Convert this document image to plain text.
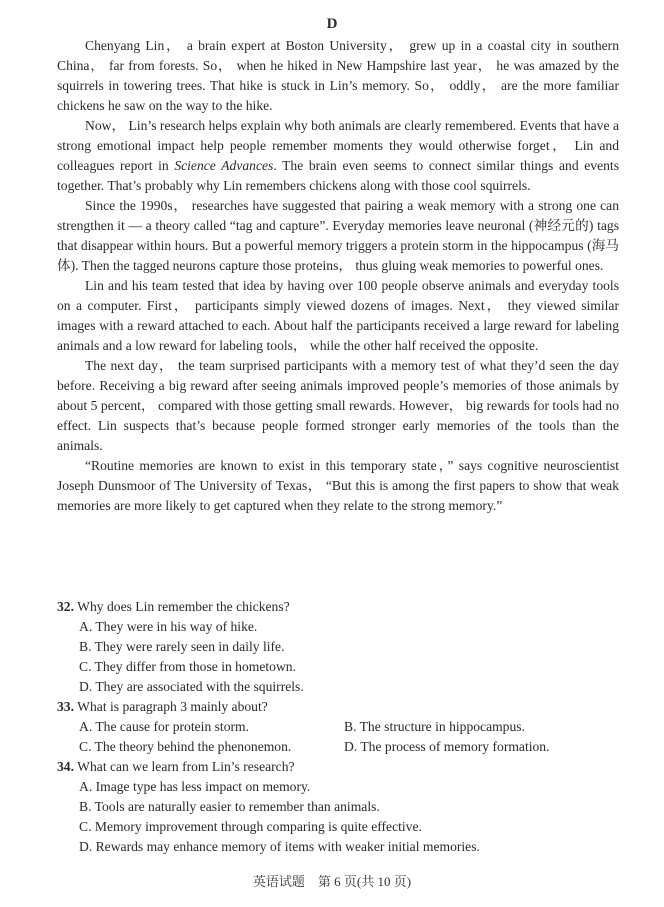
D

Chenyang Lin， a brain expert at Boston University， grew up in a coastal city in southern China， far from forests. So， when he hiked in New Hampshire last year， he was amazed by the squirrels in towering trees. That hike is stuck in Lin’s memory. So， oddly， are the more familiar chickens he saw on the way to the hike.

Now， Lin’s research helps explain why both animals are clearly remembered. Events that have a strong emotional impact help people remember moments they would otherwise forget， Lin and colleagues report in Science Advances. The brain even seems to connect similar things and events together. That’s probably why Lin remembers chickens along with those cool squirrels.

Since the 1990s， researches have suggested that pairing a weak memory with a strong one can strengthen it — a theory called “tag and capture”. Everyday memories leave neuronal (神经元的) tags that disappear within hours. But a powerful memory triggers a protein storm in the hippocampus (海马体). Then the tagged neurons capture those proteins， thus gluing weak memories to powerful ones.

Lin and his team tested that idea by having over 100 people observe animals and everyday tools on a computer. First， participants simply viewed dozens of images. Next， they viewed similar images with a reward attached to each. About half the participants received a large reward for labeling animals and a low reward for labeling tools， while the other half received the opposite.

The next day， the team surprised participants with a memory test of what they’d seen the day before. Receiving a big reward after seeing animals improved people’s memories of those animals by about 5 percent， compared with those getting small rewards. However， big rewards for tools had no effect. Lin suspects that’s because people formed stronger early memories of the tools than the animals.

“Routine memories are known to exist in this temporary state，” says cognitive neuroscientist Joseph Dunsmoor of The University of Texas， “But this is among the first papers to show that weak memories are more likely to get captured when they relate to the strong memory.”

32. Why does Lin remember the chickens?
A. They were in his way of hike.
B. They were rarely seen in daily life.
C. They differ from those in hometown.
D. They are associated with the squirrels.
33. What is paragraph 3 mainly about?
A. The cause for protein storm.	B. The structure in hippocampus.
C. The theory behind the phenonemon.	D. The process of memory formation.
34. What can we learn from Lin’s research?
A. Image type has less impact on memory.
B. Tools are naturally easier to remember than animals.
C. Memory improvement through comparing is quite effective.
D. Rewards may enhance memory of items with weaker initial memories.
英语试题　第 6 页(共 10 页)
